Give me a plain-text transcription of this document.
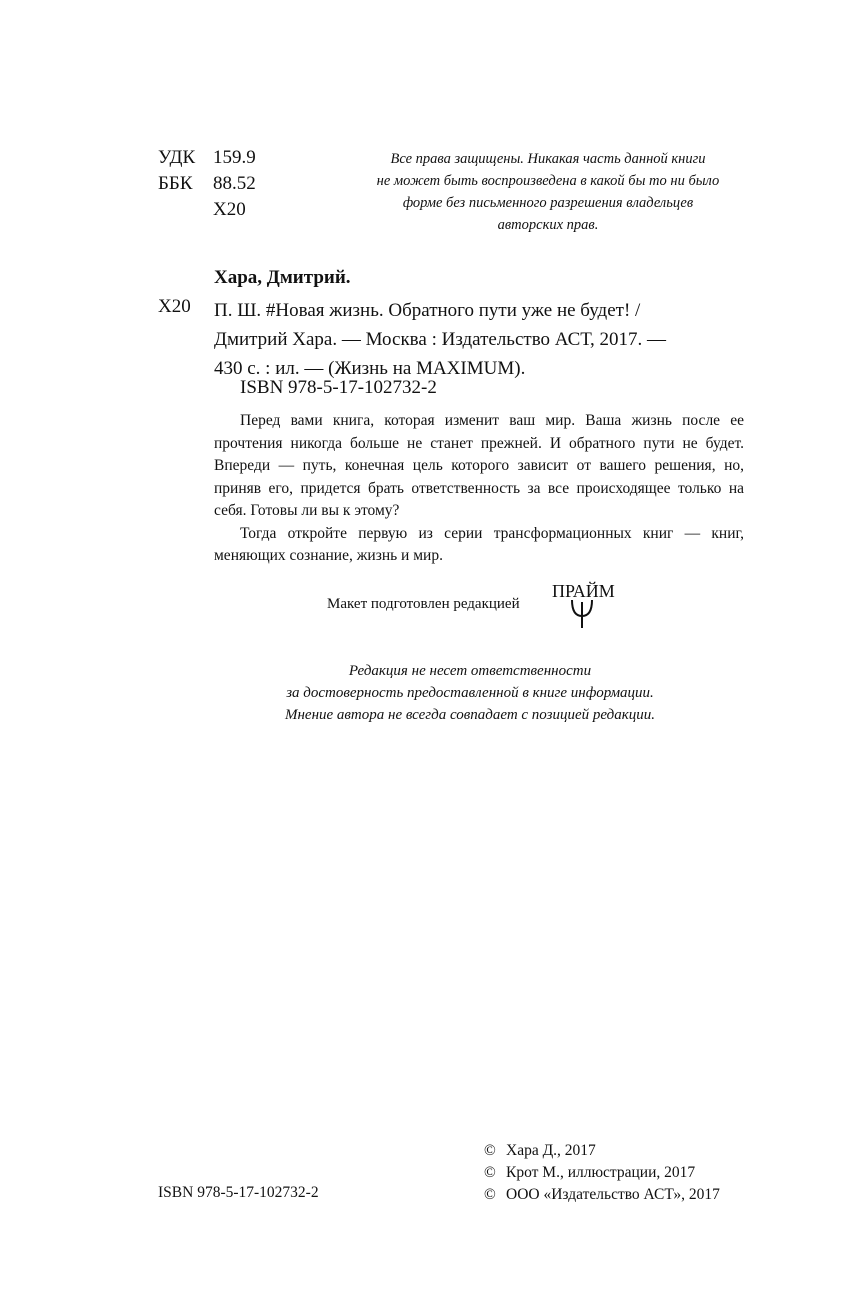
УДК 159.9
ББК	88.52
Х20
Все права защищены. Никакая часть данной книги
не может быть воспроизведена в какой бы то ни было
форме без письменного разрешения владельцев
авторских прав.
Хара, Дмитрий.
Х20 П. Ш. #Новая жизнь. Обратного пути уже не будет! /
Дмитрий Хара. — Москва : Издательство АСТ, 2017. —
430 с. : ил. — (Жизнь на MAXIMUM).
ISBN 978-5-17-102732-2

Перед вами книга, которая изменит ваш мир. Ваша жизнь после ее прочтения никогда больше не станет прежней. И обратного пути не будет. Впереди — путь, конечная цель которого зависит от вашего решения, но, приняв его, придется брать ответственность за все происходящее только на себя. Готовы ли вы к этому?

Тогда откройте первую из серии трансформационных книг — книг, меняющих сознание, жизнь и мир.

Макет подготовлен редакцией
ПРАЙМ
Редакция не несет ответственности
за достоверность предоставленной в книге информации.
Мнение автора не всегда совпадает с позицией редакции.
ISBN 978-5-17-102732-2
© Хара Д., 2017
© Крот М., иллюстрации, 2017
© ООО «Издательство АСТ», 2017
